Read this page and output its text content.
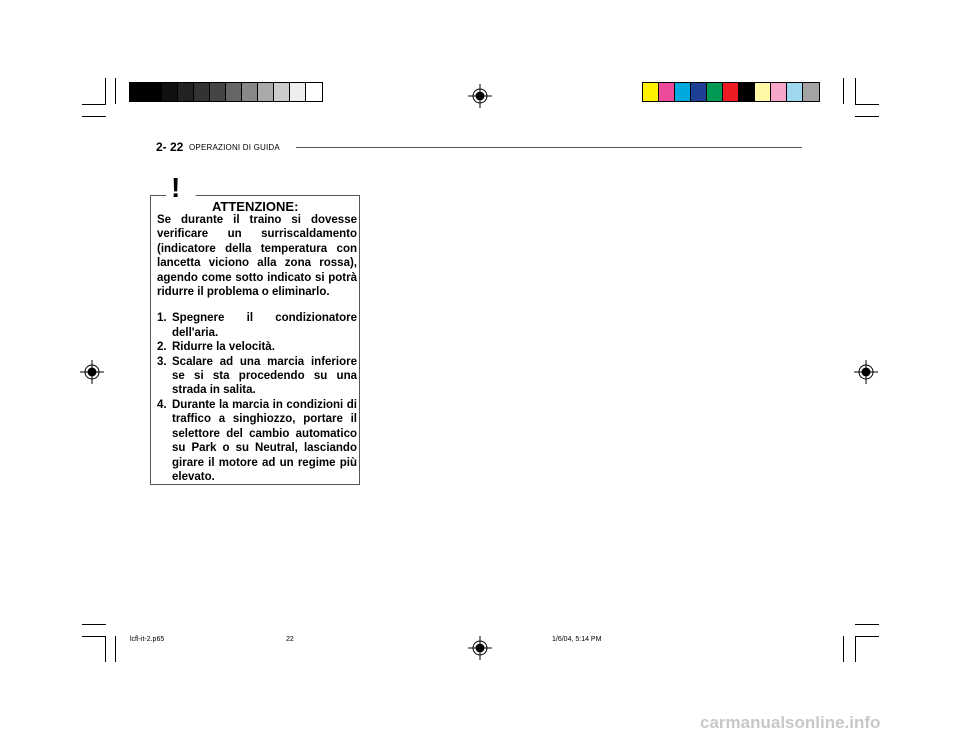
2- 22 OPERAZIONI DI GUIDA
!
ATTENZIONE:

Se durante il traino si dovesse verificare un surriscaldamento (indicatore della temperatura con lancetta viciono alla zona rossa), agendo come sotto indicato si potrà ridurre il problema o eliminarlo.

1. Spegnere il condizionatore dell'aria.
2. Ridurre la velocità.
3. Scalare ad una marcia inferiore se si sta procedendo su una strada in salita.
4. Durante la marcia in condizioni di traffico a singhiozzo, portare il selettore del cambio automatico su Park o su Neutral, lasciando girare il motore ad un regime più elevato.
lcfl-it-2.p65	22	1/6/04, 5:14 PM
carmanualsonline.info
